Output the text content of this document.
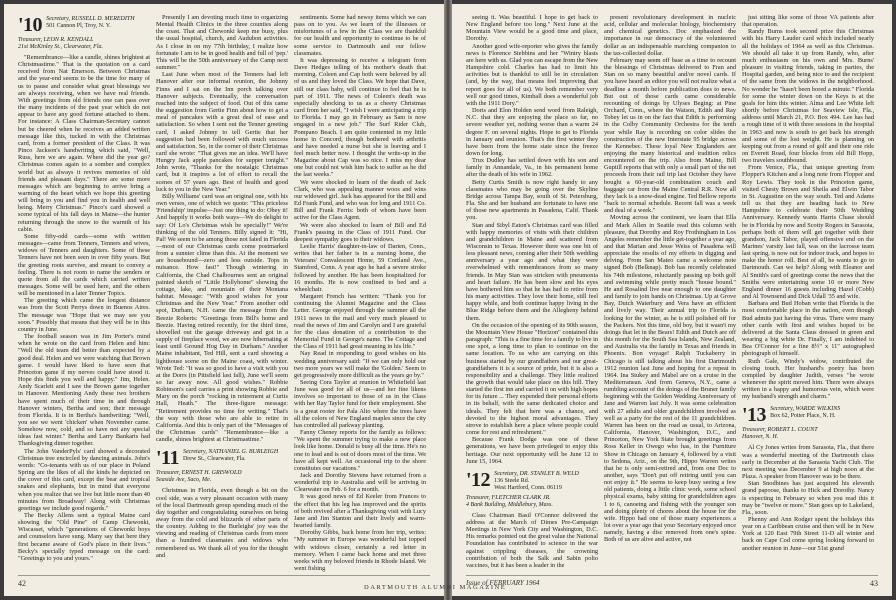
'10 Secretary, RUSSELL D. MEREDITH
501 Cannon Pl, Troy, N. Y.
Treasurer, LEON R. KENDALL
21st McKinley St., Clearwater, Fla.

"Remembrance—like a candle, shines brightest at Christmastime." That is the quotation on a card received from Nat Emerson. Between Christmas and the year-end seems to be the time for many of us to pause and consider what great blessings we are always receiving, when we have real friends. With greetings from old friends one can pass over the many incidents of the past year which do not appear to have any good fortune attached to them. For instance: A Class Chairman-Secretary cannot but be cheered when he receives an added written message like this, tucked in with the Christmas card, from a former president of the Class. It was Pinco Jackson's handwriting which said, "Well, Russ, here we are again. Where did the year go? Christmas comes again to a somber and complex world but as always it revives memories of old friends and pleasant days." There are some more messages which are beginning to arrive bring a warming of the heart which we hope this greeting will bring to you and find you in health and well being. Merry Christmas." Pinco's card showed a scene typical of his fall days in Maine—the hunter returning through the snow to the warmth of his cabin.

Some fifty-odd cards—some with written messages—came from Tenners, Tenners and wives, widows of Tenners and daughters. Some of these Tenners have not been seen in over fifty years. But the greeting roots survive, and meant to convey a feeling. There is not room to name the senders or quote from all the cards which carried written messages. Some will be used here, and the others will be mentioned in a later Tenner Topics.

The greeting which came the longest distance was from the Scott Perrys down in Buenos Aires. The message was "Hope that we may see you soon." Possibly that means that they will be in this country in June.

The football season was in Jim Porter's mind when he wrote on the card from Helen and him: "Well the old team did better than expected by a good deal. Helen and we were watching that Brown game. I would have liked to have seen that Princeton game if my nerves could have stood it. Hope this finds you well and happy." Jim, Helen. Andy Scarlett and I saw the Brown game together in Hanover. Mentioning Andy these two brothers have spent much of their time in and through Hanover winters, Bertha and son; their message from Florida. It is in Bertha's handwriting: "Well, you see we went 'chicken' when November came. Somehow now, cold, and so have not any special ideas fast winter." Bertha and Larry Bankarts had Thanksgiving dinner together.

The John VanderPyls' card showed a decorated Christmas tree encircled by dancing animals. John's words: "Co-tenants with us of our place in Poland Spring are the likes of all the kinds he depicted on the cover of this card, except the bear and tropical snakes and elephants, but in mind that everyone when you realize that we live but little more than 40 minutes from Broadway! Along with Christmas greetings we include good regards."

The Becky Allens sent a typical Maine card showing the "Old Pine" of Camp Chewonki, Wiscasset, which "generations of Chewonki boys and counselors have sung. Many say that here they first became aware of God's place in their lives." Becky's specially typed message on the card: "Greetings to you and yours."

Presently I am devoting much time to organizing Mental Health Clinics in the three counties along the coast. That and Chewonki keep me busy, plus the usual hospital, church, and Audubon activities. As I close in on my 77th birthday, I realize how fortunate I am to be in good health and full of 'pep.' This will be the 50th anniversary of the Camp next summer."

Last June when most of the Tenners had left Hanover after our informal reunion, the Johnny Finns and I sat on the Inn porch talking over Hanover subjects. Eventually, the conversation reached into the subject of food. Out of this came the suggestion from Gertie Finn about how to get a meal of pancakes with a great deal of ease and satisfaction. So when I sent out the Tenner greeting card, I asked Johnny to tell Gertie that her suggestion had been followed with much success and satisfaction. So, in the corner of their Christmas card she wrote: "That gives me an idea. We'll have Hungry Jack apple pancakes for supper tonight." John wrote, "Thanks for the nostalgic Christmas card, but it inspires a lot of effort to recall the scenes of 57 years ago. Best of health and good luck to you in the New Year."

Billy Williams' card was an original one, with his own verses, one of which we quote: "This priceless 'Friendship' impulse—Just one thing to do: Obey it! And happily it works both ways—We do delight to say: Of Lo's Christmas wish be specially!" We're thinking of the old Tenners. Billy signed it: "Hi, Pal! We seem to be among those not fated in Florida—most of our Christmas cards come postmarked from a sunnier clime than this. At the moment we are housebound—zero and less outside. Tops in nuisance. How fast!" Though wintering in California, the Chad Chalbournes sent an original painted sketch of "Little Hollyhome" showing the cottage, lake, and mountain of their Montana habitat. Message: "With good wishes for your Christmas and the New Year." From another odd spot, Durham, N.H. came the message from the Beezie Roberts: "Greetings from Bill's home and Beezie. Having retired recently, for the third time, shovelled out the garage driveway and got in a supply of fireplace wood, we are now hibernating at least until Ground Hog Day in Durham." Another Maine inhabitant, Ted Hill, sent a card showing a lighthouse scene on the Maine coast, with winter. Wrote Ted: "It was so good to have a visit with you at the Dorrs (in Pittsfield last fall), June we'll seem so far away now. All good wishes." Robbie Robinson's card carries a print showing Robbie and Mary on the porch "rocking in retirement at Curtis Hall, Heath." The three-figure message: "Retirement provides no time for writing." That's the way with those who are able to retire in California. And this is only part of the "Messages of the Christmas cards" "Remembrance—like a candle, shines brightest at Christmastime."

'11 Secretary, NATHANIEL G. BURLEIGH
Drew St., Clearwater, Fla.
Treasurer, ERNEST H. GRISWOLD
Seaside Ave, Saco, Me.

Christmas in Florida, even though a bit on the cool side, was a very pleasant occasion with many of the local Dartmouth group spending much of the day together and congratulating ourselves on being away from the cold and blizzards of other parts of the country. Adding to the Burleighs' joy was the viewing and reading of Christmas cards from more than a hundred classmates and widows who remembered us. We thank all of you for the thought and

sentiments. Some had newsy items which we can pass on to you. As we learn of the illnesses or misfortunes of a few in the Class we are thankful for our health and opportunity to continue to be of some service to Dartmouth and our fellow classmates.

It was depressing to receive a telegram from Dave Hedges telling of his mother's death that morning. Coleen and Cap both were beloved by all of us and they loved the Class. We hope that Dave, still our class baby, will continue to feel that he is part of 1911. The news of Coleen's death was especially shocking to us as a cheery Christmas card from her said, "I wish I were anticipating a trip to Florida. I may go in February as Sam is now engaged in a new job." The Surf Rider Club, Pompano Beach. I am quite contented in my little home in Concord, though bothered with arthritis and have needed a nurse but she is leaving and I feel much better now. I thought the write-up in the Magazine about Cap was so nice. I miss my dear one but could not wish him back to suffer as he did the last weeks."

We were shocked to learn of the death of Jack Clark, who was appealing manner woos and wins our widowed girl. Jack has appeared for the Bill and Ed Frank Fund, and who was for long and 1911 Co. Bill and Frank Ferris: both of whom have been active for the Class Agent.

We were also shocked to learn of Bill and Ed Frank's passing in the Class of 1911 Fund. Our deepest sympathy goes to their widows.

Leelie Harris' daughter-in-law of Darien, Conn., writes that her father is in a nursing home, the Veterans' Convalescent Home, 59 Cortland Ave., Stamford, Conn. A year ago he had a severe stroke followed by another. He has been hospitalized for 16 months. He is now confined to bed and a wheelchair.

Margaret French has written: "Thank you for continuing the Alumni Magazine and the Class Letter. George enjoyed through the summer all the 1911 news in the mail and very much pleased to read the news of Jim and Carolyn and I are grateful for the class donation of a contribution to the Memorial Fund in George's name. The Cottage and the Class of 1911 had great meaning in his life."

Nay Read in responding to good wishes on his wedding anniversary said: "If we can only hold our two more years we will make the 'Golden.' Seem to get progressively more difficult as the years go by."

Seeing Cora Taylor at reunion in Whitefield last June was good for all of us—and her fine likens involves so important to those of us in the Class with her Ray Taylor fund for their employment. She is a great rooter for Pala Alto where the trees have all the colors of New England maples since the city has controlled all parkway planting.

Fanny Cheney reports for the family as follows: "We spent the summer trying to make a new place look like home. Donald is busy all the time. He's no one to lead and is out of doors most of the time. We have all kept well. An occasional trip to the shore constitutes our vacations."

Jack and Dorothy Stevens have returned from a wonderful trip to Australia and will be arriving in Clearwater on Feb. 6 for a month.

It was good news of Ed Keeler from Frances to the effect that his leg has improved and the spirits of both revived after a Thanksgiving visit with Lucy Jane and Jim Stanton and their lively and warm-hearted family.

Dorothy Gibbs, back home from her trip, writes: "My summer in Europe was wonderful but topped with widows closer, certainly a red letter in memory. When I came back home and met three weeks with my beloved friends in Rhode Island. We went fishing

42

seeing it. Was beautiful. I hope to get back to New England before too long." Next June at the Mountain View would be a good time and place, Dorothy.

Another good wife-reporter who gives the family news is Florence Stebbins and her "Wintry blasts are here with us. Glad you can escape from the New Hampshire cold. Charles has had to limit his activities but is thankful to still be in circulation (and, by the way, that means feel improving that report goes for all of us). We both remember very well our good times, Kimball does a wonderful job with the 1911 Dory."

Doris and Elon Holden send word from Raleigh, N.C. that they are enjoying the place so far, no severe weather yet, nothing worse than a warm 24 degree F. on several nights. Hope to get to Florida in January and reunion. That's the first winter they have been from the home state since the freeze down for long.

Trux Dudley has settled down with his son and family in Annandale, Va., in his permanent home after the death of his wife in 1962.

Betty Curtis Smith is now right handy to any classmates who may be going over the Skyline Bridge across Tampa Bay, south of St. Petersburg, Fla. She and her husband are fortunate to have one of those new apartments in Pasadena, Calif. Thank you.

Stan and Sibyl Eaton's Christmas card was filled with happy memories of visits with their children and grandchildren in Maine and scattered from Wisconsin to Texas. However there was one bit of less pleasant news, coming after their 50th wedding anniversary a year ago and what they were overwhelmed with remembrances from so many friends. In May Stan was stricken with pneumonia and heart failure. He has been slow and his eyes have bothered him so that he has had to retire from his many activities. They love their home, still feel happy while, and both continue happy living in the Blue Ridge before them and the Allegheny behind them.

On the occasion of the opening of its 90th season, the Mountain View House "Horizon" contained this paragraph: "This is a fine time for a family to live in one spot, a long time to plan to continue on the same location. To us who are carrying on this business started by our grandfathers and our great-grandfathers it is a source of pride, but it is also a responsibility and a challenge. They little realized the growth that would take place on this hill. They started the first inn and carried it on with high hopes for its future ... They expended their personal efforts in its behalf, with the same dedicated choice and ideals. They felt that here was a chance, and devoted to the highest moral advantages. They strove to establish here a place where people could come for rest and refreshment."

Because Frank Dodge was one of these generations, we have been privileged to enjoy this heritage. Our next opportunity will be June 12 to June 15, 1964.

'12 Secretary, DR. STANLEY B. WELD
136 Steele Rd.
West Hartford, Conn. 06119
Treasurer, FLETCHER CLARK JR.
4 Bank Building, Middlebury, Mass.

Class Chairman Basil O'Connor delivered the address at the March of Dimes Pre-Campaign Meetings in New York City and Washington, D.C. His remarks pointed out the great value the National Foundation has contributed to science in the war against crippling diseases, the crowning contribution of both the Salk and Sabin polio vaccines, but it has been a leader in the

present revolutionary development in nucleic acid, cellular and molecular biology, biochemistry and chemical genetics. Doc emphasized the importance in our democracy of the volunteered dollar as an indispensable marching companion to the tax-collected dollar.

February may seem off base as a time to recount the blessings of Christmas delivered to Fran and Stan on so many beautiful and/or novel cards. If you have heard an editor you will not realize what a deadline a month before publication does to news. But out of those cards came considerable recounting of doings by Ulyses Beging: at Pine Orchard, Conn., where the Watson, Edith and Ray Tobey let us in on the fact that Edith is performing in the Colby Community Orchestra for the tenth year while Ray is recording on color slides the construction of the new Interstate 95 bridge across the Kennebec. These loyal New Englanders are enjoying the many historical and tradition relics encountered on the trip. Also from Maine, Bill Guptill reports that with only a small part of the net proceeds from their rail trip last October they have bought a 60-year-old combination couch and baggage car from the Maine Central R.R. Now all they lack is a snow-dead engine. Ted Bellow reports "back to normal schedule. Recent fall was a week and deal of a week."

Moving across the continent, we learn that Ella and Mark Allen in Seattle read this column with pleasure, that Dorothy and Roy Frothingham in Los Angeles remember the little get-together a year ago, and that Marian and Jesse Weiss of Pasadena will appreciate the results of my efforts in digging and delving. From San Mateo came a welcome note signed Bob (Belknap). Bob has recently celebrated his 74th milestone, reluctantly passing up both golf and swimming while pretty much "house bound." He and Rosalind live near enough to one daughter and family to join hands on Christmas. Up at Grove Bay, Dutch Waterbury and Vera have an efficient and lively way. Their annual trip to Florida is looking for the winter, as he is still polished off for the Packers. Not this time, old boy, but it wasn't my doings that let in the Bears! Edith and Dutch are off this month for the South Sea Islands, New Zealand, and Australia via the family in Texas and friends in Phoenix. Bon voyage! Ralph Tuckaberry in Chicago is still talking about his first Dartmouth 1912 reunion last June and hoping for a repeat in 1964. Ina Stukey and Mabel are on a cruise in the Mediterranean. And from Geneva, N.Y., came a rumbling account of the doings of the Bruner family beginning with the Golden Wedding Anniversary of Jane and Warren last July. It was some celebration with 27 adults and older grandchildren involved as well as a party for the rest of the 11 grandchildren. Warren has been on the road as usual, to Arizona, California, Hanover, Washington, D.C., and Princeton, New York State brought greetings from Ross Keller in Owego who has, in the Furniture Show in Chicago on January 4, followed by a visit to Sedona, Ariz., on the 9th, Hippo Warren writes that he is only semi-retired and, from one Doc to another, says "Don't put off retiring until you can not enjoy it." He seems to keep busy seeing a few old patients, doing a little clinic work, some school physical exams, baby sitting for grandchildren ages 1 to 6, canoeing and fishing with the younger son and doing plenty of chores about the house for the wife. Hippo had one of those many experiences a lot over a year ago that your Secretary enjoyed once namely, having a disc removed from one's spine. Both of us are alive and active, not

just sitting like some of those VA patients after that operation.

Randy Burns took second prize this Christmas with his Harry Lauder card which included nearly all the holidays of 1964 as well as this Christmas. We should all take it up from Randy, who, after much enthusiasm on his own and Mrs. Burns' pleasure in visiting friends, taking in parties, the Hospital garden, and being nice to and the recipient of the same from the widows in the neighborhood. No wonder he "hasn't been bored a minute." Florida for some the winter down on the Keys is at the goals for him this winter. Alma and Lee White left shortly before Christmas for Seaview Isle, Fla., address until March 21, P.O. Box 494. Lee has had a rough time of it with three sessions in the hospital in 1963 and now is south to get back his strength and some of the lost weight. He is planning on keeping out from a round of golf and their one ride on Everett Road, four blocks from old Bill Hopp, two travelers southbound.

From Venice, Fla., that unique greeting from Flopper's Kitchen and a long note from Flopper and Roy Lewis. They took in the Princeton game, visited Chesty Brown and Sheila and Elwin Tabor in St. Augustine on the way south. Ted and Adams tell us that they are heading back to New Hampshire to celebrate their 50th Wedding Anniversary. Kennedy wants Harris Chase should be in Florida by now and Scotty Rogers in Sarasota, perhaps both of them will get together with their grandson, Jack Tabor, played offensive end on the Marines' varsity last fall, was on the lacrosse team last spring, is now out for indoor track, and hopes to make the honor roll. Best of all, he wants to go to Dartmouth. Can we help? Along with Eleanor and Al Smith's card of greetings come the news that the Smiths were entertaining some 10 or more New England dinner 16 guests including Hazel (Cobb) and Al Townsend and Dick Udall '35 and wife.

Barbara and Bud Hoban write that Florida is the most comfortable place in the nation, even though Bud admits just having the virus. There were many other cards with first and wishes hoped to be delivered at the Santa Claus dressed in green and wearing a big white Dr. Finally, I am indebted to Bea O'Connor for a fine 8½" x 11" autographed photograph of himself.

Ruth Gale, Windy's widow, contributed the closing touch. Her husband's poetry has been compiled by daughter Judith, verses "he wrote whenever the spirit moved him. There were always written in a happy and humorous vein, which were my husband's strength and charm."

'13 Secretary, WARDE WILKINS
Box 62, Potter Place, N. H.
Treasurer, ROBERT L. COUNT
Hanover, N. H.

Al Cy Jones writes from Sarasota, Fla., that there was a wonderful meeting of the Dartmouth class early in December at the Sarasota Yacht Club. The next meeting was December 9 at high noon at the Plaza. A speaker from Hanover was to be there.

Stan Snodbines has just acquired his eleventh grand papoose, thanks to Hick and Dorothy. Nancy is expecting in February so when you read this it may be "twelve or more." Stan goes up to Lakeland, Fla., soon.

Phenny and Ann Rodger spent the holidays this year on a Caribbean cruise and then will be in New York at 120 East 79th Street 11-D all winter and back on Cape Cod come spring looking forward to another reunion in June—our 51st grand

Issue of FEBRUARY 1964	43
DARTMOUTH ALUMNI MAGAZINE
